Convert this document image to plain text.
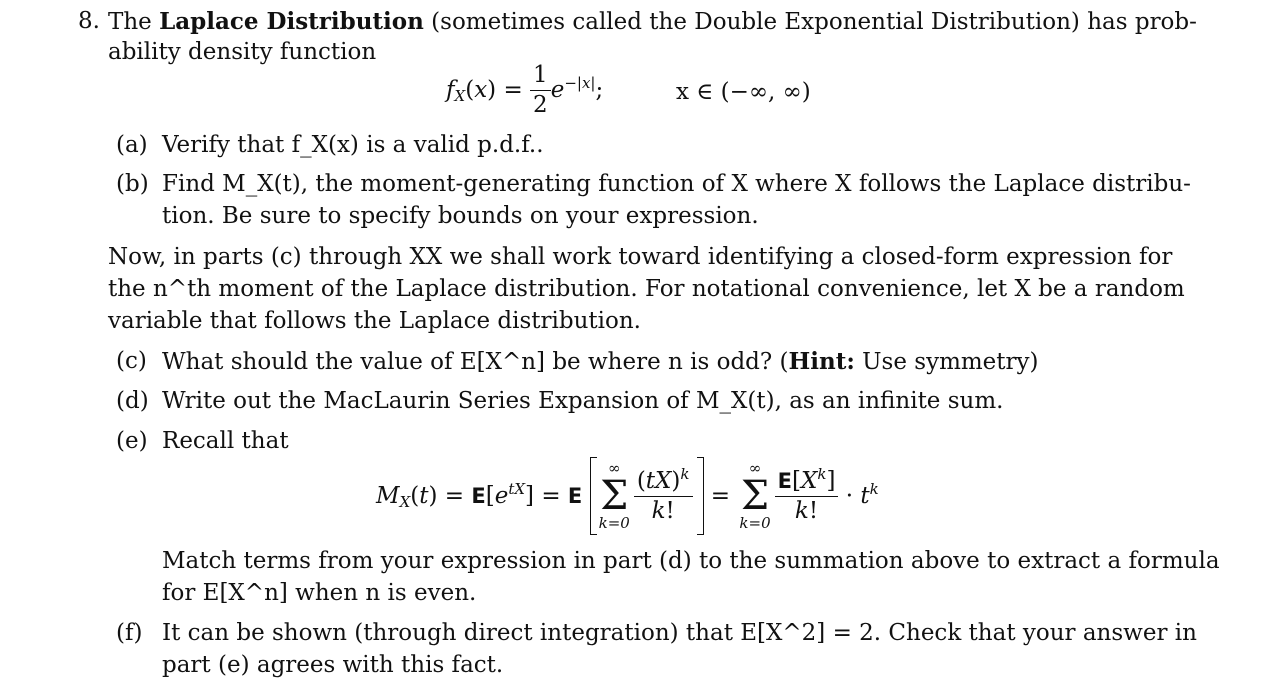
8. The Laplace Distribution (sometimes called the Double Exponential Distribution) has prob-
ability density function
$f_X(x) = \frac{1}{2} e^{-|x|}$;	x ∈ (−∞, ∞)
(a) Verify that f_X(x) is a valid p.d.f..
(b) Find M_X(t), the moment-generating function of X where X follows the Laplace distribu-
tion. Be sure to specify bounds on your expression.
Now, in parts (c) through XX we shall work toward identifying a closed-form expression for
the n^th moment of the Laplace distribution. For notational convenience, let X be a random
variable that follows the Laplace distribution.
(c) What should the value of E[X^n] be where n is odd? (Hint: Use symmetry)
(d) Write out the MacLaurin Series Expansion of M_X(t), as an infinite sum.
(e) Recall that
$M_X(t) = E[e^{tX}] = E$
∞
Σ
k=0
$\frac{(tX)^k}{k!}$ =
∞
Σ
k=0
$\frac{E[X^k]}{k!} \cdot t^k$
Match terms from your expression in part (d) to the summation above to extract a formula
for E[X^n] when n is even.
(f) It can be shown (through direct integration) that E[X^2] = 2. Check that your answer in
part (e) agrees with this fact.
